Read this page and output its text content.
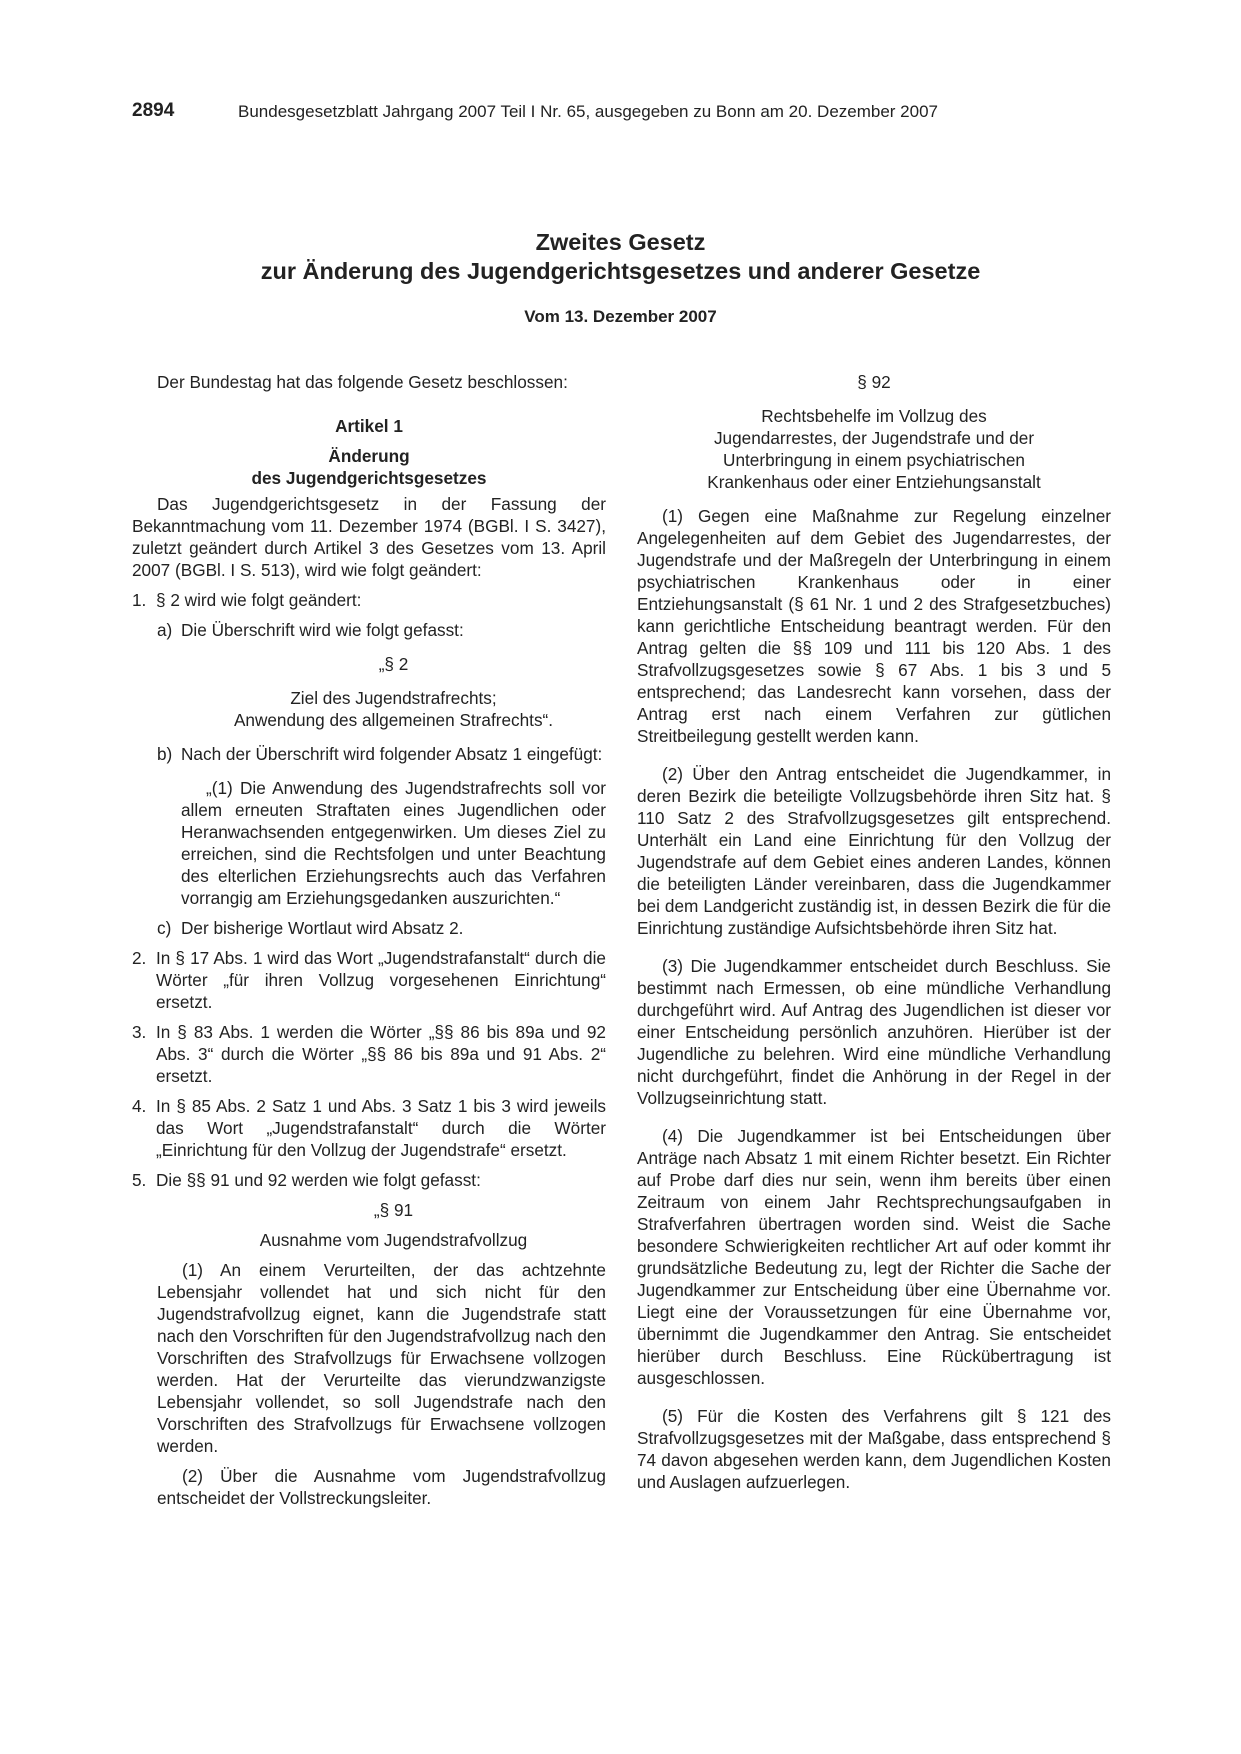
2894	Bundesgesetzblatt Jahrgang 2007 Teil I Nr. 65, ausgegeben zu Bonn am 20. Dezember 2007
Zweites Gesetz
zur Änderung des Jugendgerichtsgesetzes und anderer Gesetze
Vom 13. Dezember 2007

Der Bundestag hat das folgende Gesetz beschlossen:

Artikel 1

Änderung

des Jugendgerichtsgesetzes

Das Jugendgerichtsgesetz in der Fassung der Bekanntmachung vom 11. Dezember 1974 (BGBl. I S. 3427), zuletzt geändert durch Artikel 3 des Gesetzes vom 13. April 2007 (BGBl. I S. 513), wird wie folgt geändert:

1. § 2 wird wie folgt geändert:
a) Die Überschrift wird wie folgt gefasst:

„§ 2

Ziel des Jugendstrafrechts;

Anwendung des allgemeinen Strafrechts“.

b) Nach der Überschrift wird folgender Absatz 1 eingefügt:

„(1) Die Anwendung des Jugendstrafrechts soll vor allem erneuten Straftaten eines Jugendlichen oder Heranwachsenden entgegenwirken. Um dieses Ziel zu erreichen, sind die Rechtsfolgen und unter Beachtung des elterlichen Erziehungsrechts auch das Verfahren vorrangig am Erziehungsgedanken auszurichten.“

c) Der bisherige Wortlaut wird Absatz 2.
2. In § 17 Abs. 1 wird das Wort „Jugendstrafanstalt“ durch die Wörter „für ihren Vollzug vorgesehenen Einrichtung“ ersetzt.
3. In § 83 Abs. 1 werden die Wörter „§§ 86 bis 89a und 92 Abs. 3“ durch die Wörter „§§ 86 bis 89a und 91 Abs. 2“ ersetzt.
4. In § 85 Abs. 2 Satz 1 und Abs. 3 Satz 1 bis 3 wird jeweils das Wort „Jugendstrafanstalt“ durch die Wörter „Einrichtung für den Vollzug der Jugendstrafe“ ersetzt.
5. Die §§ 91 und 92 werden wie folgt gefasst:

„§ 91

Ausnahme vom Jugendstrafvollzug

(1) An einem Verurteilten, der das achtzehnte Lebensjahr vollendet hat und sich nicht für den Jugendstrafvollzug eignet, kann die Jugendstrafe statt nach den Vorschriften für den Jugendstrafvollzug nach den Vorschriften des Strafvollzugs für Erwachsene vollzogen werden. Hat der Verurteilte das vierundzwanzigste Lebensjahr vollendet, so soll Jugendstrafe nach den Vorschriften des Strafvollzugs für Erwachsene vollzogen werden.

(2) Über die Ausnahme vom Jugendstrafvollzug entscheidet der Vollstreckungsleiter.

§ 92

Rechtsbehelfe im Vollzug des

Jugendarrestes, der Jugendstrafe und der

Unterbringung in einem psychiatrischen

Krankenhaus oder einer Entziehungsanstalt

(1) Gegen eine Maßnahme zur Regelung einzelner Angelegenheiten auf dem Gebiet des Jugendarrestes, der Jugendstrafe und der Maßregeln der Unterbringung in einem psychiatrischen Krankenhaus oder in einer Entziehungsanstalt (§ 61 Nr. 1 und 2 des Strafgesetzbuches) kann gerichtliche Entscheidung beantragt werden. Für den Antrag gelten die §§ 109 und 111 bis 120 Abs. 1 des Strafvollzugsgesetzes sowie § 67 Abs. 1 bis 3 und 5 entsprechend; das Landesrecht kann vorsehen, dass der Antrag erst nach einem Verfahren zur gütlichen Streitbeilegung gestellt werden kann.

(2) Über den Antrag entscheidet die Jugendkammer, in deren Bezirk die beteiligte Vollzugsbehörde ihren Sitz hat. § 110 Satz 2 des Strafvollzugsgesetzes gilt entsprechend. Unterhält ein Land eine Einrichtung für den Vollzug der Jugendstrafe auf dem Gebiet eines anderen Landes, können die beteiligten Länder vereinbaren, dass die Jugendkammer bei dem Landgericht zuständig ist, in dessen Bezirk die für die Einrichtung zuständige Aufsichtsbehörde ihren Sitz hat.

(3) Die Jugendkammer entscheidet durch Beschluss. Sie bestimmt nach Ermessen, ob eine mündliche Verhandlung durchgeführt wird. Auf Antrag des Jugendlichen ist dieser vor einer Entscheidung persönlich anzuhören. Hierüber ist der Jugendliche zu belehren. Wird eine mündliche Verhandlung nicht durchgeführt, findet die Anhörung in der Regel in der Vollzugseinrichtung statt.

(4) Die Jugendkammer ist bei Entscheidungen über Anträge nach Absatz 1 mit einem Richter besetzt. Ein Richter auf Probe darf dies nur sein, wenn ihm bereits über einen Zeitraum von einem Jahr Rechtsprechungsaufgaben in Strafverfahren übertragen worden sind. Weist die Sache besondere Schwierigkeiten rechtlicher Art auf oder kommt ihr grundsätzliche Bedeutung zu, legt der Richter die Sache der Jugendkammer zur Entscheidung über eine Übernahme vor. Liegt eine der Voraussetzungen für eine Übernahme vor, übernimmt die Jugendkammer den Antrag. Sie entscheidet hierüber durch Beschluss. Eine Rückübertragung ist ausgeschlossen.

(5) Für die Kosten des Verfahrens gilt § 121 des Strafvollzugsgesetzes mit der Maßgabe, dass entsprechend § 74 davon abgesehen werden kann, dem Jugendlichen Kosten und Auslagen aufzuerlegen.
